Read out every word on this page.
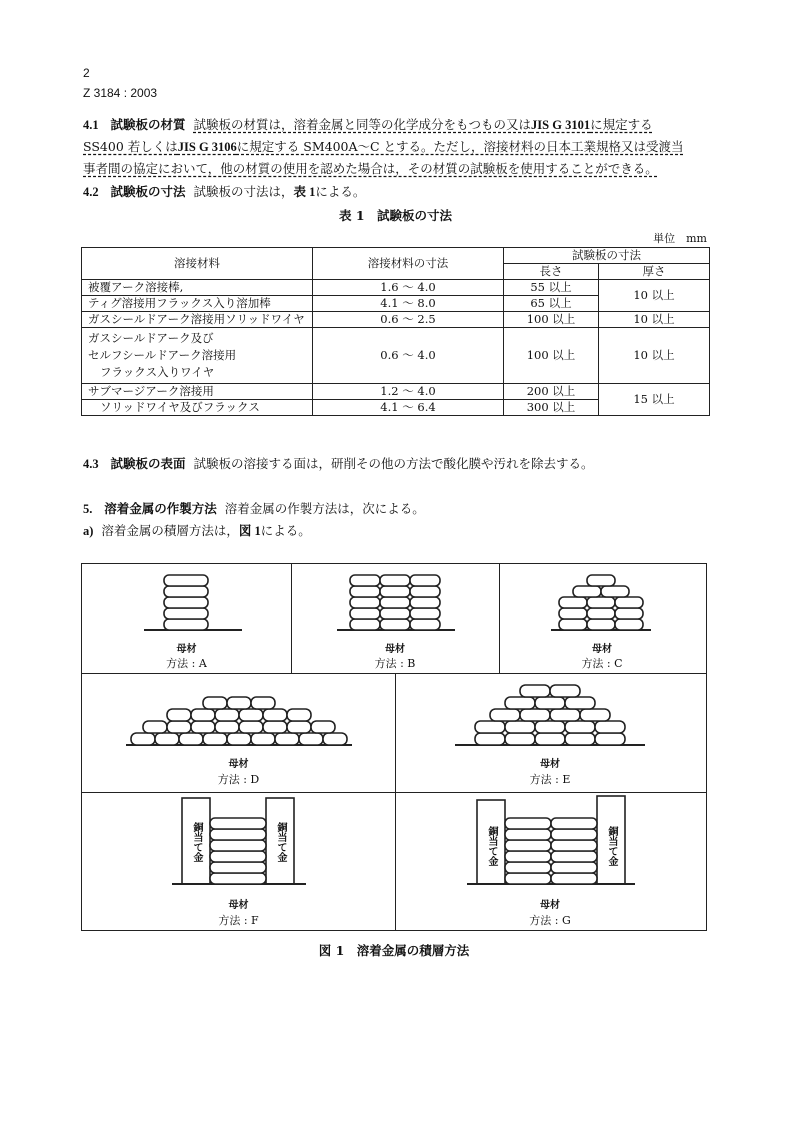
2
Z 3184 : 2003
4.1 試験板の材質 試験板の材質は，溶着金属と同等の化学成分をもつもの又はJIS G 3101に規定する
SS400 若しくはJIS G 3106に規定する SM400A〜C とする。ただし，溶接材料の日本工業規格又は受渡当
事者間の協定において，他の材質の使用を認めた場合は，その材質の試験板を使用することができる。
4.2 試験板の寸法 試験板の寸法は，表 1による。
表 1　試験板の寸法
単位　mm
溶接材料	溶接材料の寸法	試験板の寸法	
		長さ	厚さ
被覆アーク溶接棒,	1.6 〜 4.0	55 以上	10 以上
ティグ溶接用フラックス入り溶加棒	4.1 〜 8.0	65 以上	
ガスシールドアーク溶接用ソリッドワイヤ	0.6 〜 2.5	100 以上	10 以上

ガスシールドアーク及び
セルフシールドアーク溶接用
フラックス入りワイヤ	0.6 〜 4.0	100 以上	10 以上
サブマージアーク溶接用	1.2 〜 4.0	200 以上	15 以上
ソリッドワイヤ及びフラックス	4.1 〜 6.4	300 以上	
4.3 試験板の表面 試験板の溶接する面は，研削その他の方法で酸化膜や汚れを除去する。
5. 溶着金属の作製方法 溶着金属の作製方法は，次による。
a) 溶着金属の積層方法は，図 1による。
母材
方法 : A
母材
方法 : B
母材
方法 : C
母材
方法 : D
母材
方法 : E
銅当て金	銅当て金
母材
方法 : F
銅当て金	銅当て金
母材
方法 : G
図 1　溶着金属の積層方法
